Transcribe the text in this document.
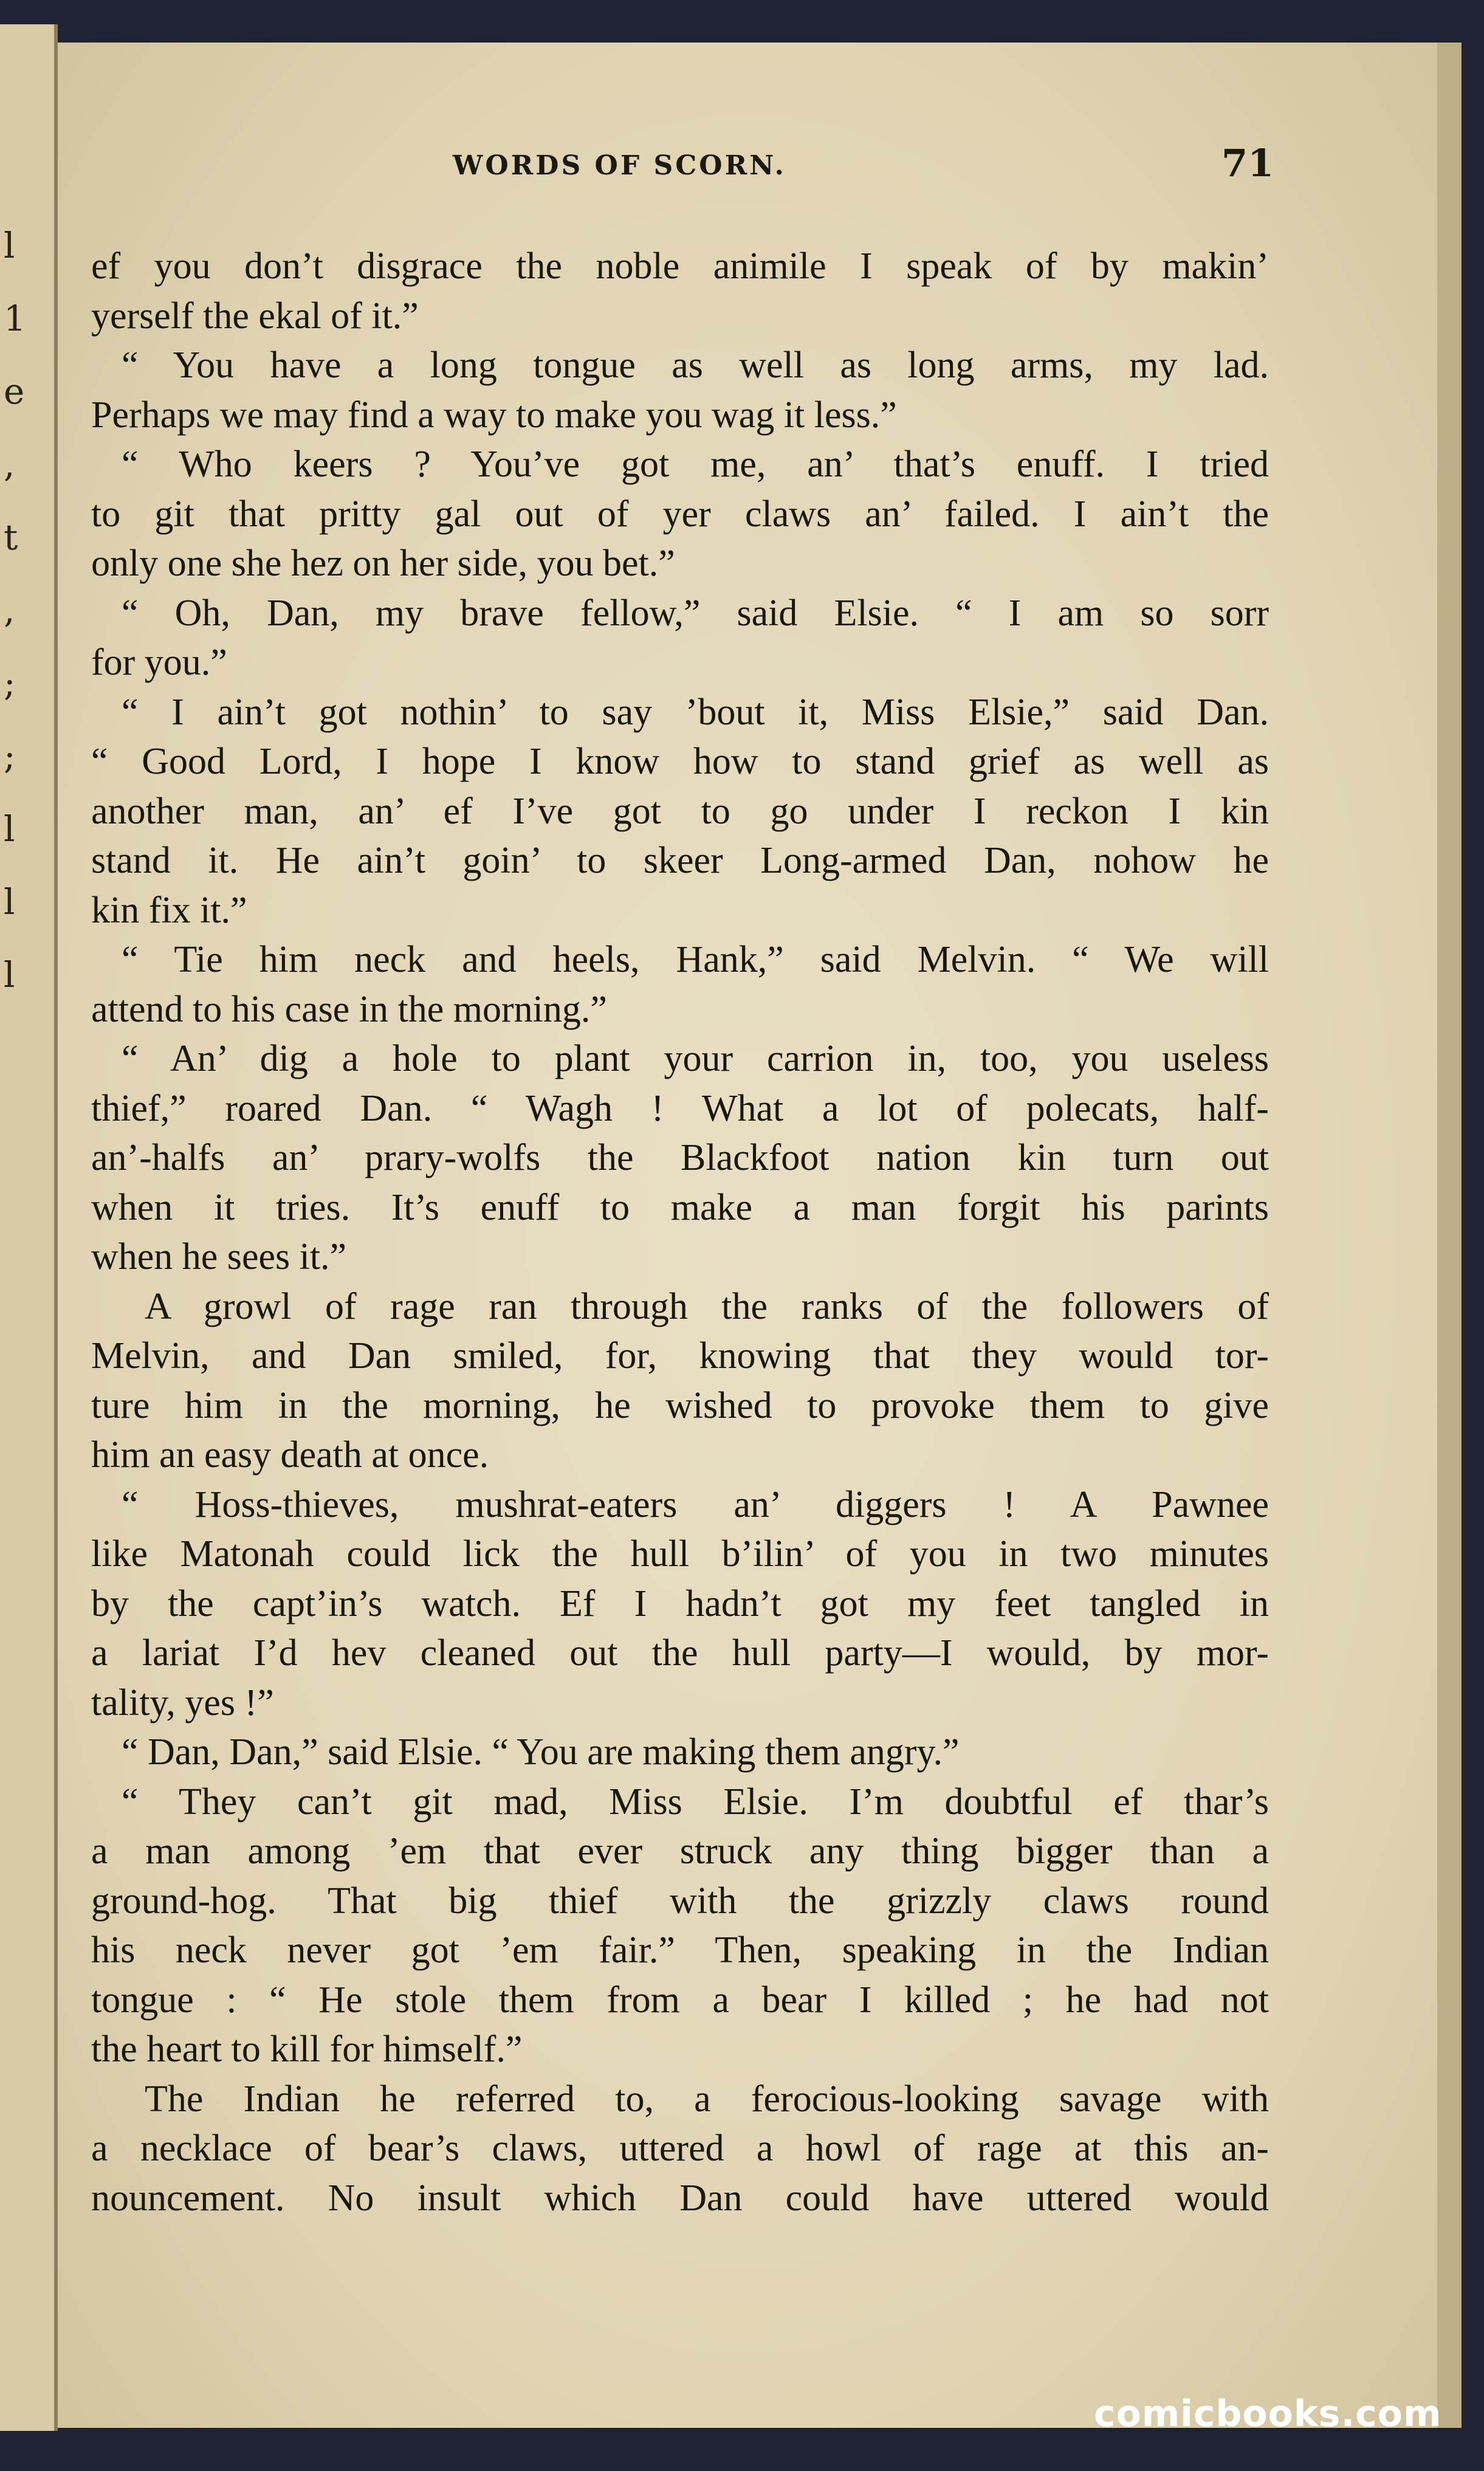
l
1
e
,
t
,
;
;
l
l
l
WORDS OF SCORN.	71
ef you don’t disgrace the noble animile I speak of by makin’
yerself the ekal of it.”
“ You have a long tongue as well as long arms, my lad.
Perhaps we may find a way to make you wag it less.”
“ Who keers ? You’ve got me, an’ that’s enuff. I tried
to git that pritty gal out of yer claws an’ failed. I ain’t the
only one she hez on her side, you bet.”
“ Oh, Dan, my brave fellow,” said Elsie. “ I am so sorr
for you.”
“ I ain’t got nothin’ to say ’bout it, Miss Elsie,” said Dan.
“ Good Lord, I hope I know how to stand grief as well as
another man, an’ ef I’ve got to go under I reckon I kin
stand it. He ain’t goin’ to skeer Long-armed Dan, nohow he
kin fix it.”
“ Tie him neck and heels, Hank,” said Melvin. “ We will
attend to his case in the morning.”
“ An’ dig a hole to plant your carrion in, too, you useless
thief,” roared Dan. “ Wagh ! What a lot of polecats, half-
an’-halfs an’ prary-wolfs the Blackfoot nation kin turn out
when it tries. It’s enuff to make a man forgit his parints
when he sees it.”
A growl of rage ran through the ranks of the followers of
Melvin, and Dan smiled, for, knowing that they would tor-
ture him in the morning, he wished to provoke them to give
him an easy death at once.
“ Hoss-thieves, mushrat-eaters an’ diggers ! A Pawnee
like Matonah could lick the hull b’ilin’ of you in two minutes
by the capt’in’s watch. Ef I hadn’t got my feet tangled in
a lariat I’d hev cleaned out the hull party—I would, by mor-
tality, yes !”
“ Dan, Dan,” said Elsie. “ You are making them angry.”
“ They can’t git mad, Miss Elsie. I’m doubtful ef thar’s
a man among ’em that ever struck any thing bigger than a
ground-hog. That big thief with the grizzly claws round
his neck never got ’em fair.” Then, speaking in the Indian
tongue : “ He stole them from a bear I killed ; he had not
the heart to kill for himself.”
The Indian he referred to, a ferocious-looking savage with
a necklace of bear’s claws, uttered a howl of rage at this an-
nouncement. No insult which Dan could have uttered would
comicbooks.com
